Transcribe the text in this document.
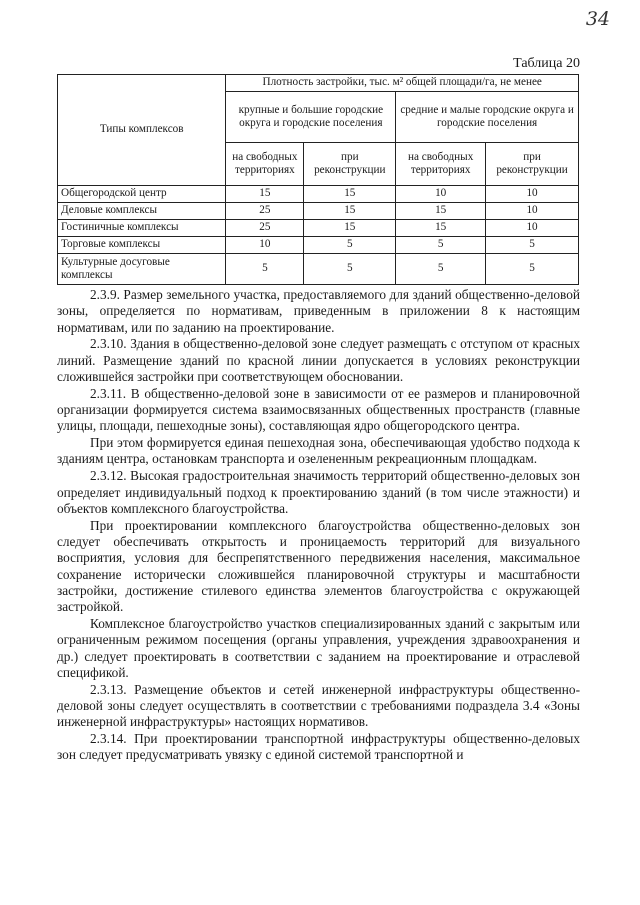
34
Таблица 20
Типы комплексов	Плотность застройки, тыс. м² общей площади/га, не менее			
	крупные и большие городские округа и городские поселения		средние и малые городские округа и городские поселения	
	на свободных территориях	при реконструкции	на свободных территориях	при реконструкции
Общегородской центр	15	15	10	10
Деловые комплексы	25	15	15	10
Гостиничные комплексы	25	15	15	10
Торговые комплексы	10	5	5	5
Культурные досуговые комплексы	5	5	5	5

2.3.9. Размер земельного участка, предоставляемого для зданий общественно-деловой зоны, определяется по нормативам, приведенным в приложении 8 к настоящим нормативам, или по заданию на проектирование.

2.3.10. Здания в общественно-деловой зоне следует размещать с отступом от красных линий. Размещение зданий по красной линии допускается в условиях реконструкции сложившейся застройки при соответствующем обосновании.

2.3.11. В общественно-деловой зоне в зависимости от ее размеров и планировочной организации формируется система взаимосвязанных общественных пространств (главные улицы, площади, пешеходные зоны), составляющая ядро общегородского центра.

При этом формируется единая пешеходная зона, обеспечивающая удобство подхода к зданиям центра, остановкам транспорта и озелененным рекреационным площадкам.

2.3.12. Высокая градостроительная значимость территорий общественно-деловых зон определяет индивидуальный подход к проектированию зданий (в том числе этажности) и объектов комплексного благоустройства.

При проектировании комплексного благоустройства общественно-деловых зон следует обеспечивать открытость и проницаемость территорий для визуального восприятия, условия для беспрепятственного передвижения населения, максимальное сохранение исторически сложившейся планировочной структуры и масштабности застройки, достижение стилевого единства элементов благоустройства с окружающей застройкой.

Комплексное благоустройство участков специализированных зданий с закрытым или ограниченным режимом посещения (органы управления, учреждения здравоохранения и др.) следует проектировать в соответствии с заданием на проектирование и отраслевой спецификой.

2.3.13. Размещение объектов и сетей инженерной инфраструктуры общественно-деловой зоны следует осуществлять в соответствии с требованиями подраздела 3.4 «Зоны инженерной инфраструктуры» настоящих нормативов.

2.3.14. При проектировании транспортной инфраструктуры общественно-деловых зон следует предусматривать увязку с единой системой транспортной и
